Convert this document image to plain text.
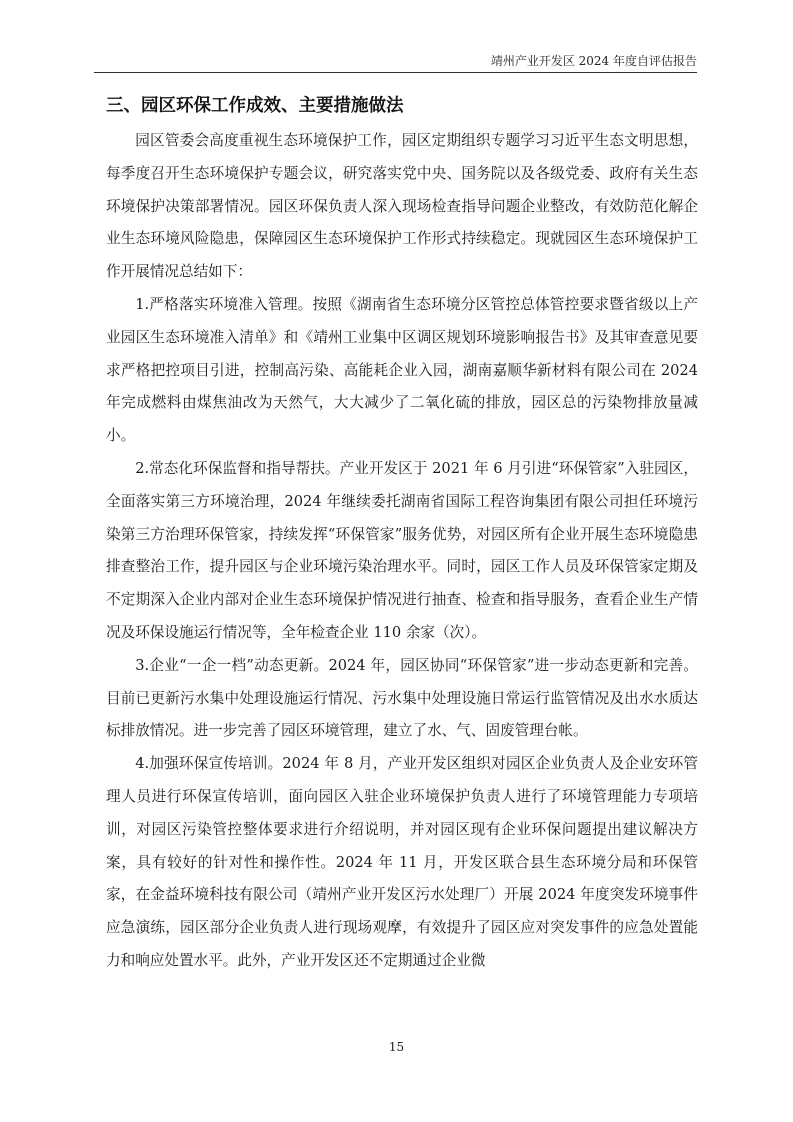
靖州产业开发区 2024 年度自评估报告
三、园区环保工作成效、主要措施做法

园区管委会高度重视生态环境保护工作，园区定期组织专题学习习近平生态文明思想，每季度召开生态环境保护专题会议，研究落实党中央、国务院以及各级党委、政府有关生态环境保护决策部署情况。园区环保负责人深入现场检查指导问题企业整改，有效防范化解企业生态环境风险隐患，保障园区生态环境保护工作形式持续稳定。现就园区生态环境保护工作开展情况总结如下：

1.严格落实环境准入管理。按照《湖南省生态环境分区管控总体管控要求暨省级以上产业园区生态环境准入清单》和《靖州工业集中区调区规划环境影响报告书》及其审查意见要求严格把控项目引进，控制高污染、高能耗企业入园，湖南嘉顺华新材料有限公司在 2024 年完成燃料由煤焦油改为天然气，大大减少了二氧化硫的排放，园区总的污染物排放量减小。

2.常态化环保监督和指导帮扶。产业开发区于 2021 年 6 月引进“环保管家”入驻园区，全面落实第三方环境治理，2024 年继续委托湖南省国际工程咨询集团有限公司担任环境污染第三方治理环保管家，持续发挥“环保管家”服务优势，对园区所有企业开展生态环境隐患排查整治工作，提升园区与企业环境污染治理水平。同时，园区工作人员及环保管家定期及不定期深入企业内部对企业生态环境保护情况进行抽查、检查和指导服务，查看企业生产情况及环保设施运行情况等，全年检查企业 110 余家（次）。

3.企业“一企一档”动态更新。2024 年，园区协同“环保管家”进一步动态更新和完善。目前已更新污水集中处理设施运行情况、污水集中处理设施日常运行监管情况及出水水质达标排放情况。进一步完善了园区环境管理，建立了水、气、固废管理台帐。

4.加强环保宣传培训。2024 年 8 月，产业开发区组织对园区企业负责人及企业安环管理人员进行环保宣传培训，面向园区入驻企业环境保护负责人进行了环境管理能力专项培训，对园区污染管控整体要求进行介绍说明，并对园区现有企业环保问题提出建议解决方案，具有较好的针对性和操作性。2024 年 11 月，开发区联合县生态环境分局和环保管家，在金益环境科技有限公司（靖州产业开发区污水处理厂）开展 2024 年度突发环境事件应急演练，园区部分企业负责人进行现场观摩，有效提升了园区应对突发事件的应急处置能力和响应处置水平。此外，产业开发区还不定期通过企业微

15
